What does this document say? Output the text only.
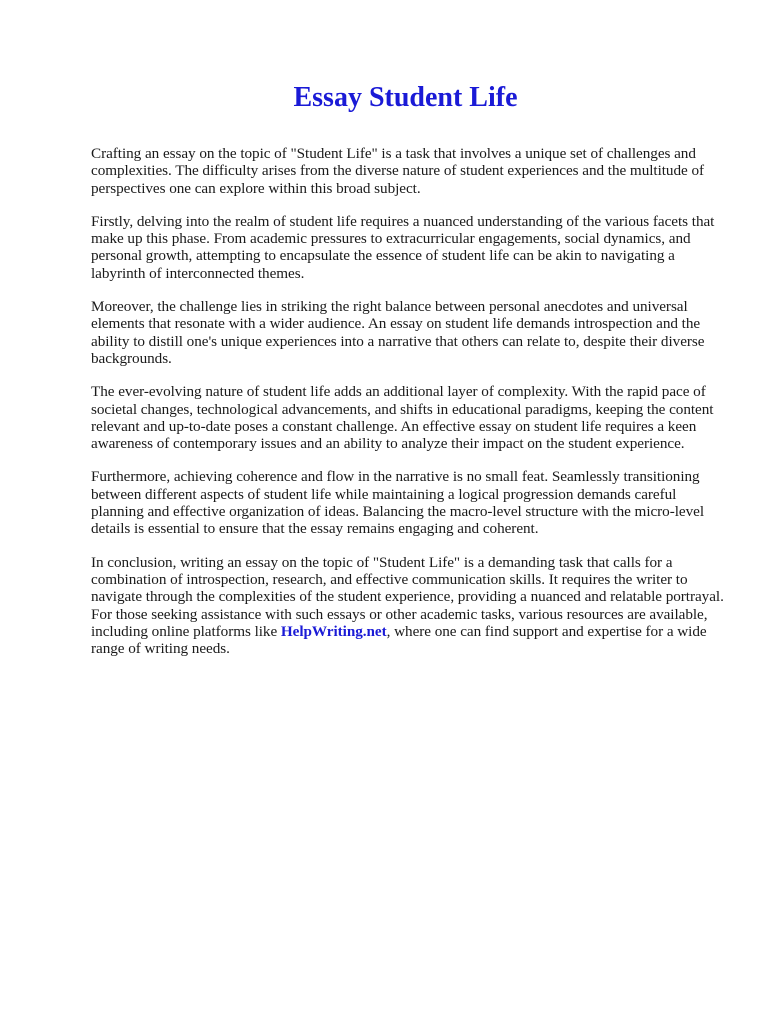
Essay Student Life

Crafting an essay on the topic of "Student Life" is a task that involves a unique set of challenges and complexities. The difficulty arises from the diverse nature of student experiences and the multitude of perspectives one can explore within this broad subject.

Firstly, delving into the realm of student life requires a nuanced understanding of the various facets that make up this phase. From academic pressures to extracurricular engagements, social dynamics, and personal growth, attempting to encapsulate the essence of student life can be akin to navigating a labyrinth of interconnected themes.

Moreover, the challenge lies in striking the right balance between personal anecdotes and universal elements that resonate with a wider audience. An essay on student life demands introspection and the ability to distill one's unique experiences into a narrative that others can relate to, despite their diverse backgrounds.

The ever-evolving nature of student life adds an additional layer of complexity. With the rapid pace of societal changes, technological advancements, and shifts in educational paradigms, keeping the content relevant and up-to-date poses a constant challenge. An effective essay on student life requires a keen awareness of contemporary issues and an ability to analyze their impact on the student experience.

Furthermore, achieving coherence and flow in the narrative is no small feat. Seamlessly transitioning between different aspects of student life while maintaining a logical progression demands careful planning and effective organization of ideas. Balancing the macro-level structure with the micro-level details is essential to ensure that the essay remains engaging and coherent.

In conclusion, writing an essay on the topic of "Student Life" is a demanding task that calls for a combination of introspection, research, and effective communication skills. It requires the writer to navigate through the complexities of the student experience, providing a nuanced and relatable portrayal. For those seeking assistance with such essays or other academic tasks, various resources are available, including online platforms like HelpWriting.net, where one can find support and expertise for a wide range of writing needs.
